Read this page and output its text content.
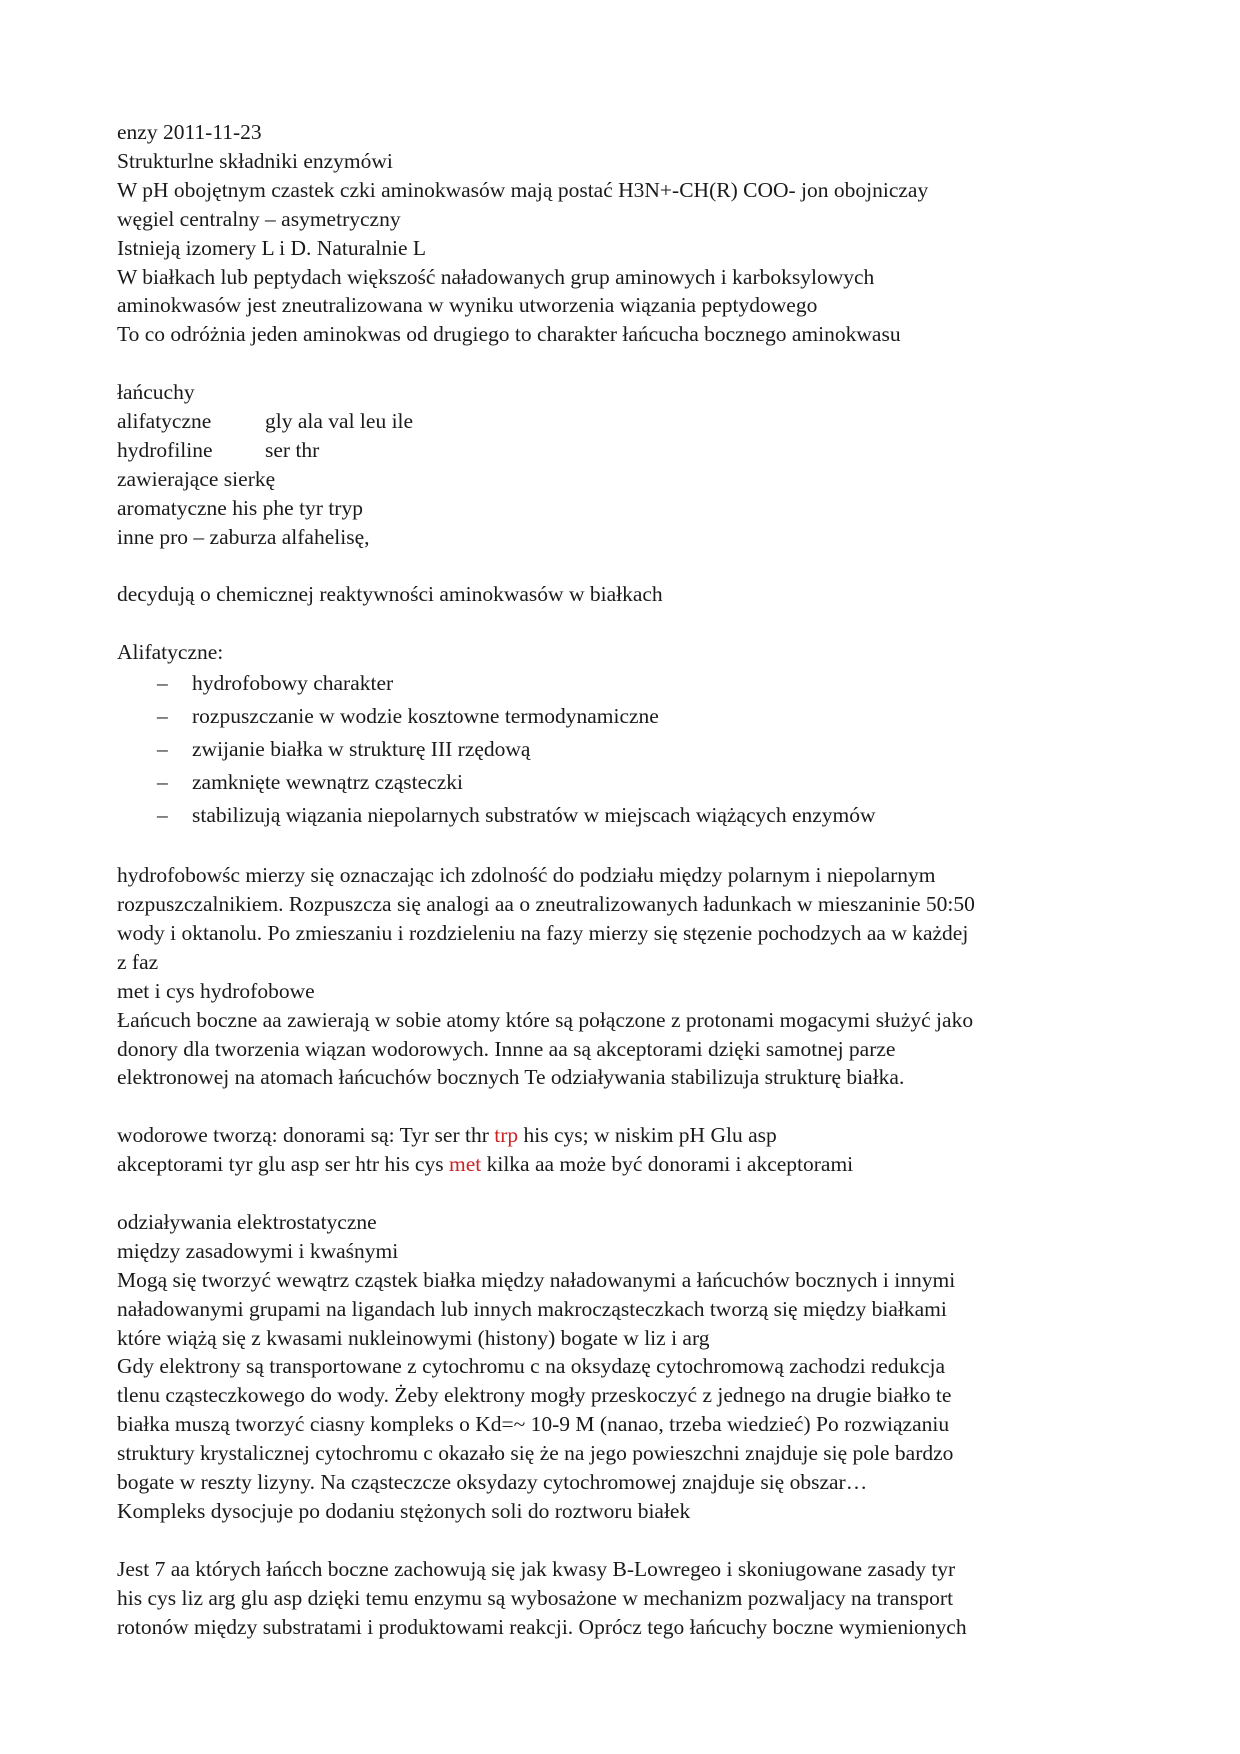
enzy 2011-11-23
Strukturlne składniki enzymówi
W pH obojętnym czastek czki aminokwasów mają postać H3N+-CH(R) COO- jon obojniczay
węgiel centralny – asymetryczny
Istnieją izomery L i D. Naturalnie L
W białkach lub peptydach większość naładowanych grup aminowych i karboksylowych
aminokwasów jest zneutralizowana w wyniku utworzenia wiązania peptydowego
To co odróżnia jeden aminokwas od drugiego to charakter łańcucha bocznego aminokwasu
łańcuchy
alifatyczne	gly ala val leu ile
hydrofiline	ser thr
zawierające sierkę
aromatyczne his phe tyr tryp
inne pro – zaburza alfahelisę,
decydują o chemicznej reaktywności aminokwasów w białkach
Alifatyczne:
– hydrofobowy charakter
– rozpuszczanie w wodzie kosztowne termodynamiczne
– zwijanie białka w strukturę III rzędową
– zamknięte wewnątrz cząsteczki
– stabilizują wiązania niepolarnych substratów w miejscach wiążących enzymów
hydrofobowśc mierzy się oznaczając ich zdolność do podziału między polarnym i niepolarnym
rozpuszczalnikiem. Rozpuszcza się analogi aa o zneutralizowanych ładunkach w mieszaninie 50:50
wody i oktanolu. Po zmieszaniu i rozdzieleniu na fazy mierzy się stęzenie pochodzych aa w każdej
z faz
met i cys hydrofobowe
Łańcuch boczne aa zawierają w sobie atomy które są połączone z protonami mogacymi służyć jako
donory dla tworzenia wiązan wodorowych. Innne aa są akceptorami dzięki samotnej parze
elektronowej na atomach łańcuchów bocznych Te odziaływania stabilizuja strukturę białka.
wodorowe tworzą: donorami są: Tyr ser thr trp his cys; w niskim pH Glu asp
akceptorami tyr glu asp ser htr his cys met kilka aa może być donorami i akceptorami
odziaływania elektrostatyczne
między zasadowymi i kwaśnymi
Mogą się tworzyć wewątrz cząstek białka między naładowanymi a łańcuchów bocznych i innymi
naładowanymi grupami na ligandach lub innych makrocząsteczkach tworzą się między białkami
które wiążą się z kwasami nukleinowymi (histony) bogate w liz i arg
Gdy elektrony są transportowane z cytochromu c na oksydazę cytochromową zachodzi redukcja
tlenu cząsteczkowego do wody. Żeby elektrony mogły przeskoczyć z jednego na drugie białko te
białka muszą tworzyć ciasny kompleks o Kd=~ 10-9 M (nanao, trzeba wiedzieć) Po rozwiązaniu
struktury krystalicznej cytochromu c okazało się że na jego powieszchni znajduje się pole bardzo
bogate w reszty lizyny. Na cząsteczcze oksydazy cytochromowej znajduje się obszar…
Kompleks dysocjuje po dodaniu stężonych soli do roztworu białek
Jest 7 aa których łańcch boczne zachowują się jak kwasy B-Lowregeo i skoniugowane zasady tyr
his cys liz arg glu asp dzięki temu enzymu są wybosażone w mechanizm pozwaljacy na transport
rotonów między substratami i produktowami reakcji. Oprócz tego łańcuchy boczne wymienionych
